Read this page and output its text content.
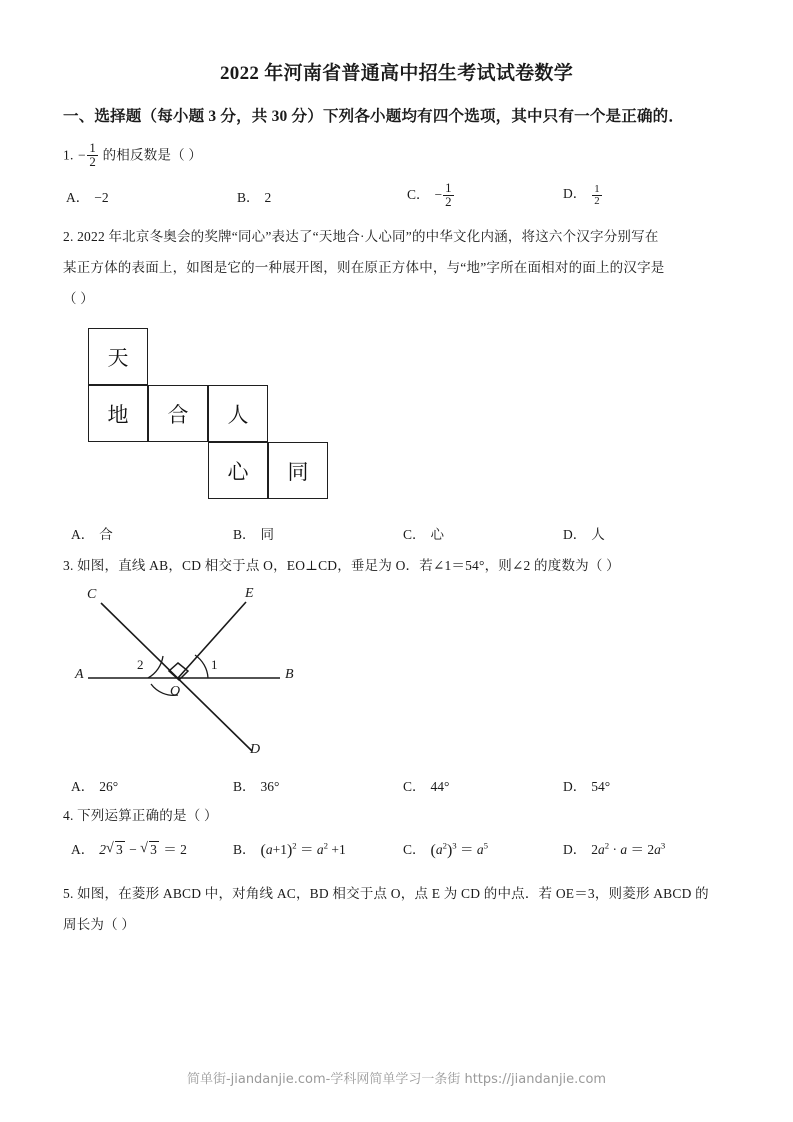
2022 年河南省普通高中招生考试试卷数学
一、选择题（每小题 3 分，共 30 分）下列各小题均有四个选项，其中只有一个是正确的．
1. − $\frac{1}{2}$ 的相反数是（ ）
A． −2	B． 2	C． − $\frac{1}{2}$	D． $\frac{1}{2}$
2. 2022 年北京冬奥会的奖牌“同心”表达了“天地合·人心同”的中华文化内涵，将这六个汉字分别写在
某正方体的表面上，如图是它的一种展开图，则在原正方体中，与“地”字所在面相对的面上的汉字是
（ ）
天
地 合 人
心 同
A． 合	B． 同	C． 心	D． 人
3. 如图，直线 AB，CD 相交于点 O，EO⊥CD，垂足为 O．若∠1＝54°，则∠2 的度数为（ ）
C	E
A	B
O
D
2	1
A． 26°	B． 36°	C． 44°	D． 54°
4. 下列运算正确的是（ ）
A． 2 √ 3 − √ 3 ＝ 2	B． $(a+1)^2 = a^2 +1$	C． $(a^2)^3 = a^5$	D． $2a^2 \cdot a = 2a^3$
5. 如图，在菱形 ABCD 中，对角线 AC，BD 相交于点 O，点 E 为 CD 的中点．若 OE＝3，则菱形 ABCD 的
周长为（ ）
简单街-jiandanjie.com-学科网简单学习一条街 https://jiandanjie.com
